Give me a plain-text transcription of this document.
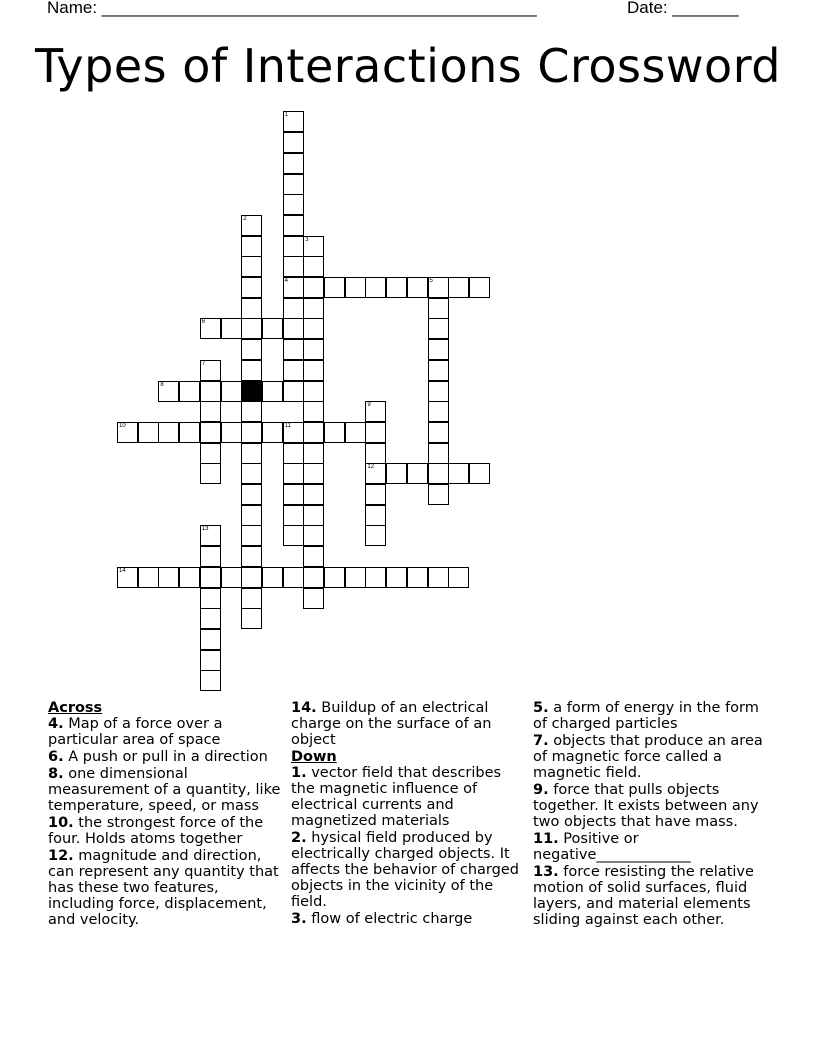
Name: ______________________________________________	Date: _______
Types of Interactions Crossword
1
4
2
3
5
6
7
8
9
12
10	11
13
14

Across

4. Map of a force over a particular area of space

6. A push or pull in a direction

8. one dimensional measurement of a quantity, like temperature, speed, or mass

10. the strongest force of the four. Holds atoms together

12. magnitude and direction, can represent any quantity that has these two features, including force, displacement, and velocity.

14. Buildup of an electrical charge on the surface of an object

Down

1. vector field that describes the magnetic influence of electrical currents and magnetized materials

2. hysical field produced by electrically charged objects. It affects the behavior of charged objects in the vicinity of the field.

3. flow of electric charge

5. a form of energy in the form of charged particles

7. objects that produce an area of magnetic force called a magnetic field.

9. force that pulls objects together. It exists between any two objects that have mass.

11. Positive or negative_____________

13. force resisting the relative motion of solid surfaces, fluid layers, and material elements sliding against each other.
